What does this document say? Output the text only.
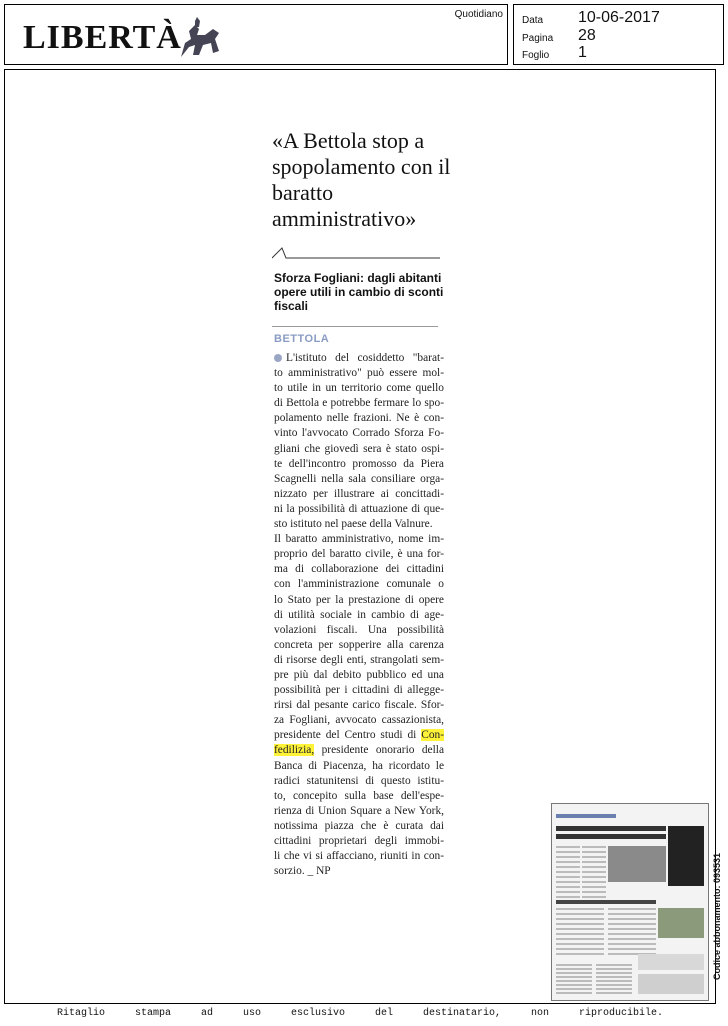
LIBERTÀ
Quotidiano
Data 10-06-2017
Pagina 28
Foglio 1
«A Bettola stop a spopolamento con il baratto amministrativo»
Sforza Fogliani: dagli abitanti opere utili in cambio di sconti fiscali
BETTOLA
L'istituto del cosiddetto "barat-
to amministrativo" può essere mol-
to utile in un territorio come quello
di Bettola e potrebbe fermare lo spo-
polamento nelle frazioni. Ne è con-
vinto l'avvocato Corrado Sforza Fo-
gliani che giovedì sera è stato ospi-
te dell'incontro promosso da Piera
Scagnelli nella sala consiliare orga-
nizzato per illustrare ai concittadi-
ni la possibilità di attuazione di que-
sto istituto nel paese della Valnure.
Il baratto amministrativo, nome im-
proprio del baratto civile, è una for-
ma di collaborazione dei cittadini
con l'amministrazione comunale o
lo Stato per la prestazione di opere
di utilità sociale in cambio di age-
volazioni fiscali. Una possibilità
concreta per sopperire alla carenza
di risorse degli enti, strangolati sem-
pre più dal debito pubblico ed una
possibilità per i cittadini di allegge-
rirsi dal pesante carico fiscale. Sfor-
za Fogliani, avvocato cassazionista,
presidente del Centro studi di Con-
fedilizia, presidente onorario della
Banca di Piacenza, ha ricordato le
radici statunitensi di questo istitu-
to, concepito sulla base dell'espe-
rienza di Union Square a New York,
notissima piazza che è curata dai
cittadini proprietari degli immobi-
li che vi si affacciano, riuniti in con-
sorzio. _ NP	Codice abbonamento: 093531
Ritaglio stampa ad uso esclusivo del destinatario, non riproducibile.
